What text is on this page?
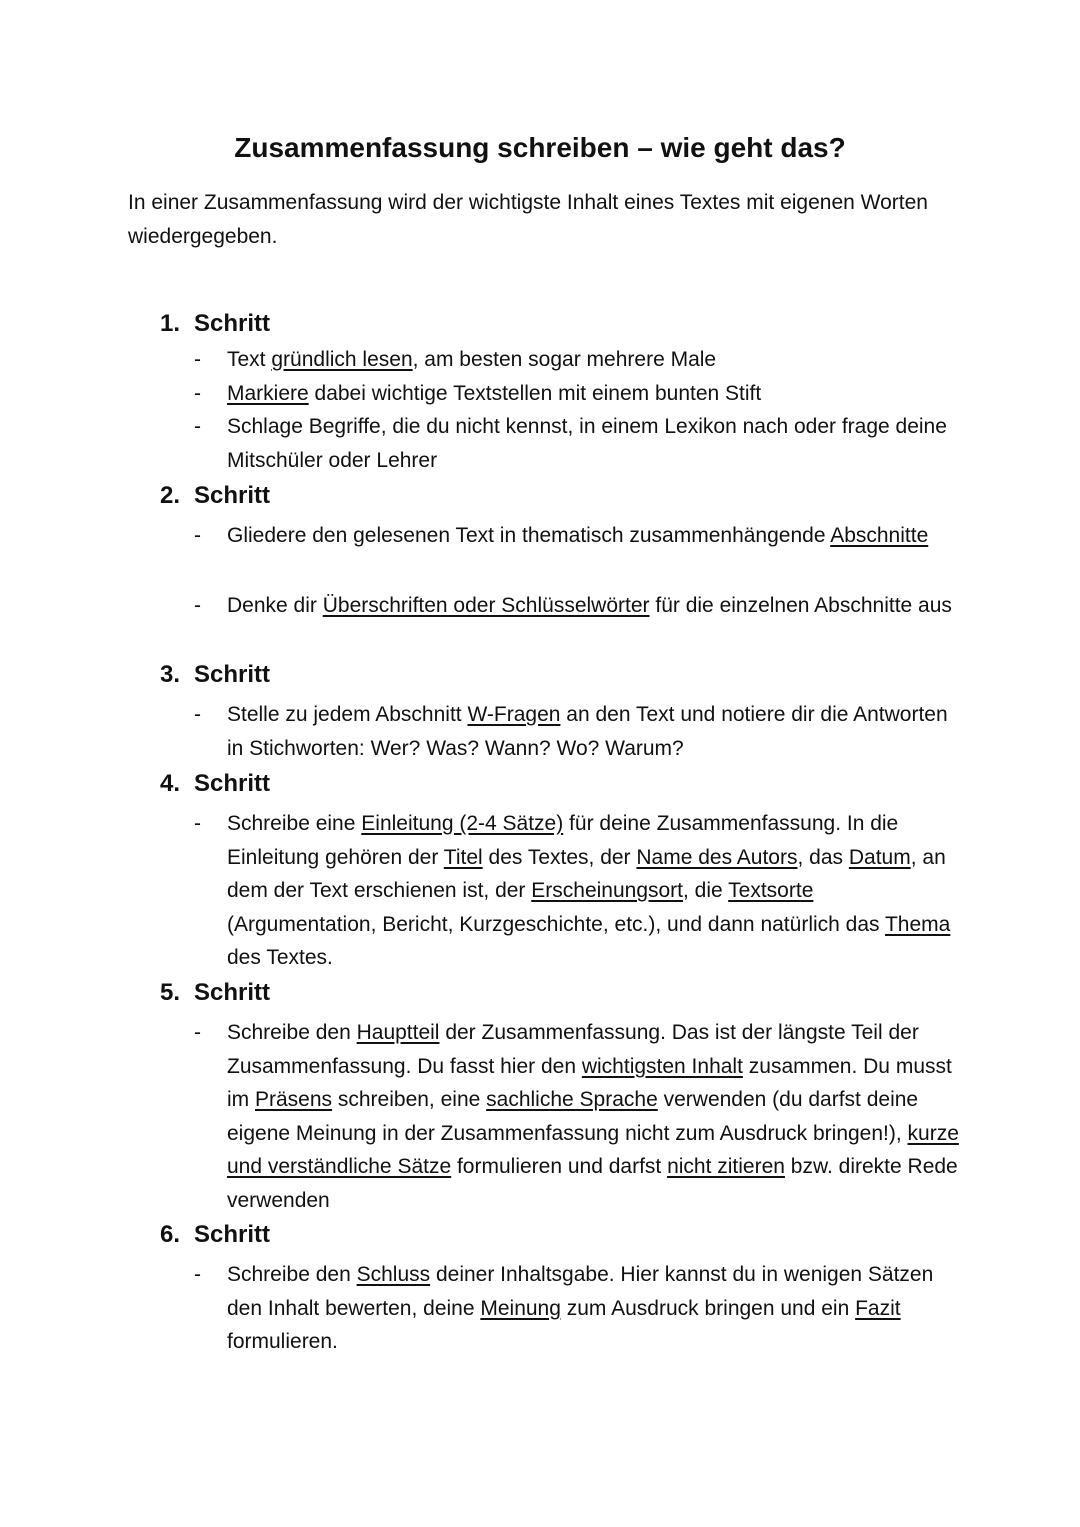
Zusammenfassung schreiben – wie geht das?

In einer Zusammenfassung wird der wichtigste Inhalt eines Textes mit eigenen Worten wiedergegeben.

1. Schritt

-	Text gründlich lesen, am besten sogar mehrere Male

-	Markiere dabei wichtige Textstellen mit einem bunten Stift

-	Schlage Begriffe, die du nicht kennst, in einem Lexikon nach oder frage deine Mitschüler oder Lehrer

2. Schritt

-	Gliedere den gelesenen Text in thematisch zusammenhängende Abschnitte

-	Denke dir Überschriften oder Schlüsselwörter für die einzelnen Abschnitte aus

3. Schritt

-	Stelle zu jedem Abschnitt W-Fragen an den Text und notiere dir die Antworten in Stichworten: Wer? Was? Wann? Wo? Warum?

4. Schritt

-	Schreibe eine Einleitung (2-4 Sätze) für deine Zusammenfassung. In die Einleitung gehören der Titel des Textes, der Name des Autors, das Datum, an dem der Text erschienen ist, der Erscheinungsort, die Textsorte (Argumentation, Bericht, Kurzgeschichte, etc.), und dann natürlich das Thema des Textes.

5. Schritt

-	Schreibe den Hauptteil der Zusammenfassung. Das ist der längste Teil der Zusammenfassung. Du fasst hier den wichtigsten Inhalt zusammen. Du musst im Präsens schreiben, eine sachliche Sprache verwenden (du darfst deine eigene Meinung in der Zusammenfassung nicht zum Ausdruck bringen!), kurze und verständliche Sätze formulieren und darfst nicht zitieren bzw. direkte Rede verwenden

6. Schritt

-	Schreibe den Schluss deiner Inhaltsgabe. Hier kannst du in wenigen Sätzen den Inhalt bewerten, deine Meinung zum Ausdruck bringen und ein Fazit formulieren.
